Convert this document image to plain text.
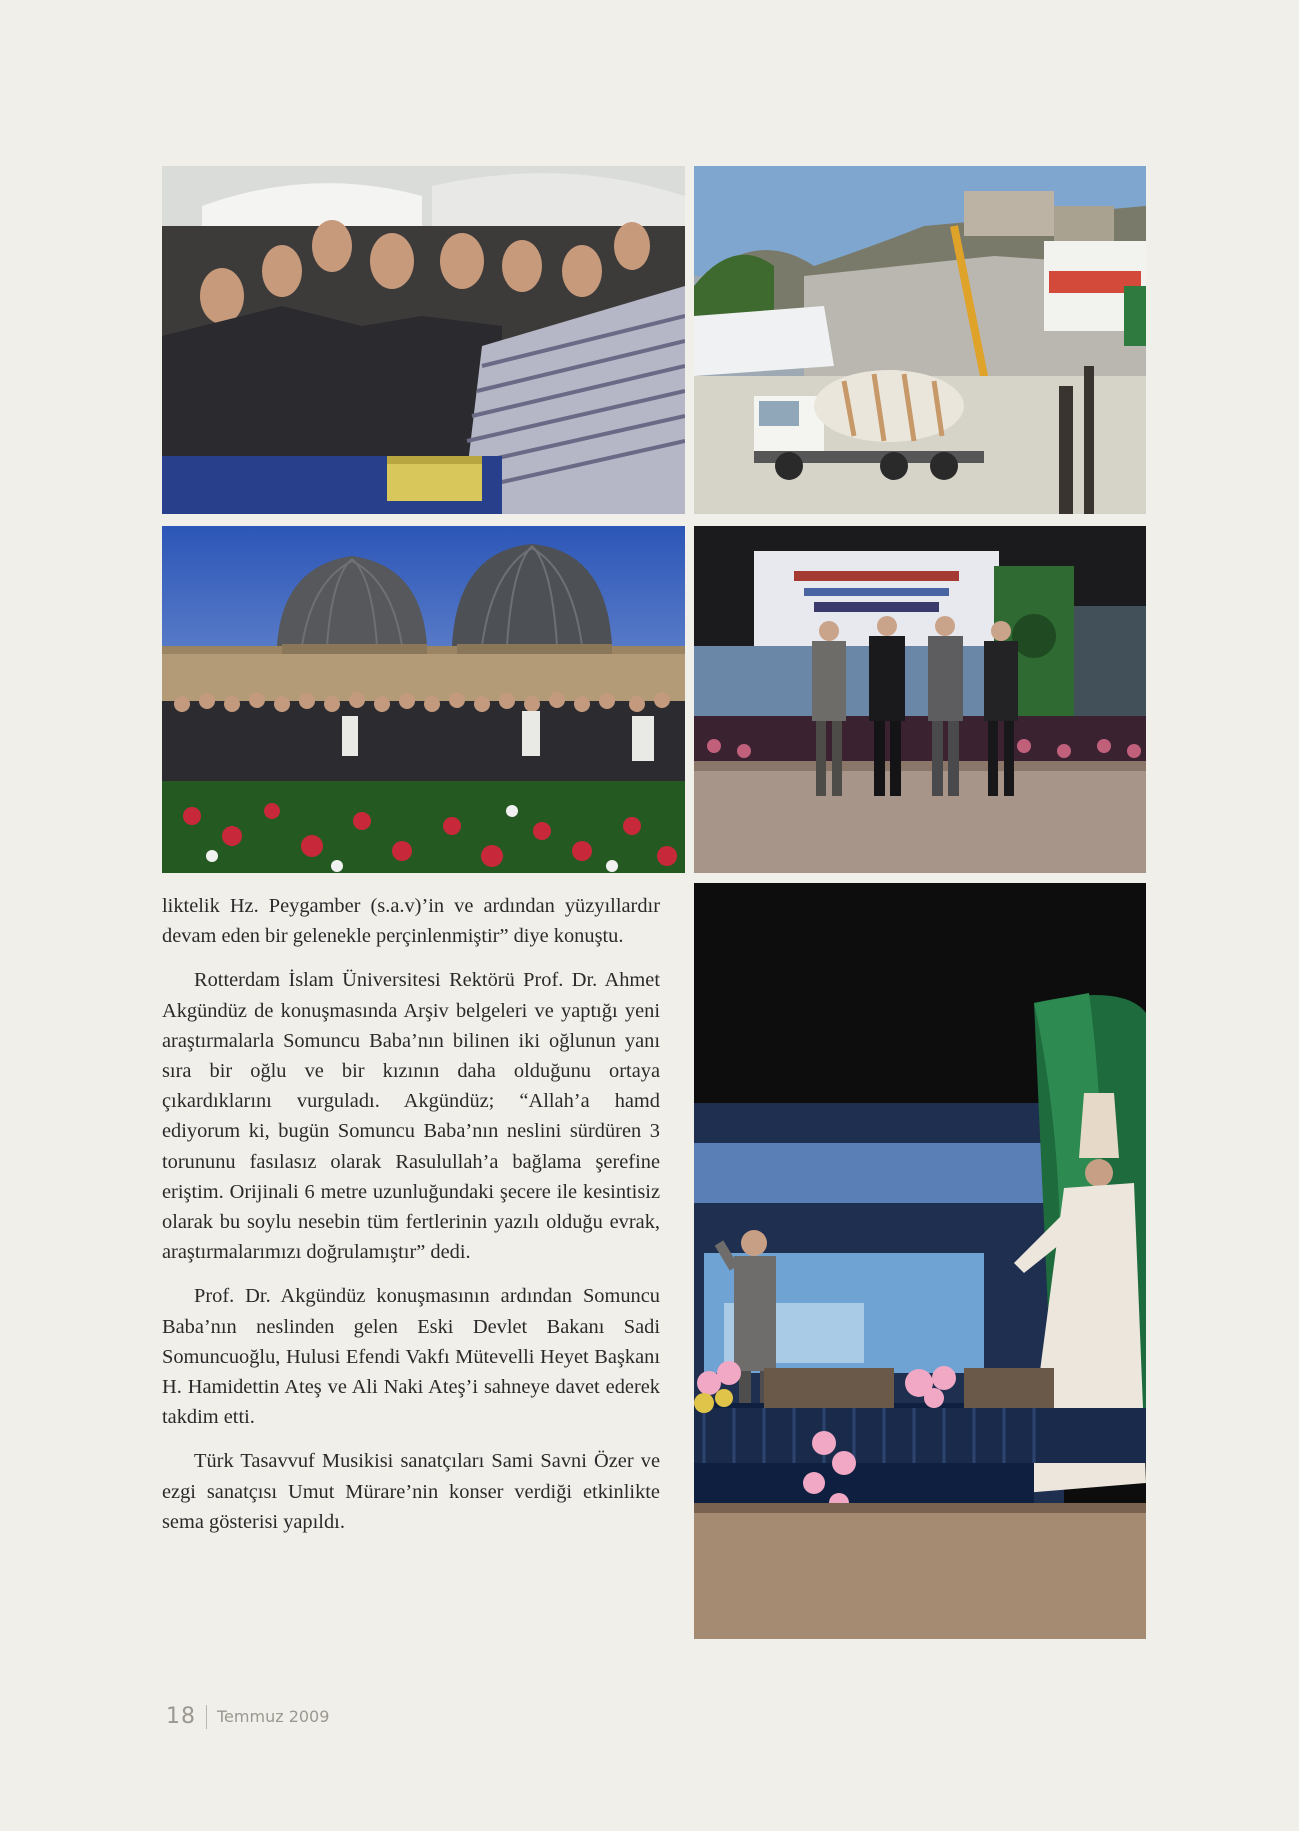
liktelik Hz. Peygamber (s.a.v)’in ve ardından yüzyıllardır devam eden bir gelenekle perçinlenmiştir” diye konuştu.

Rotterdam İslam Üniversitesi Rektörü Prof. Dr. Ahmet Akgündüz de konuşmasında Arşiv belgeleri ve yaptığı yeni araştırmalarla Somuncu Baba’nın bilinen iki oğlunun yanı sıra bir oğlu ve bir kızının daha olduğunu ortaya çıkardıklarını vurguladı. Akgündüz; “Allah’a hamd ediyorum ki, bugün Somuncu Baba’nın neslini sürdüren 3 torununu fasılasız olarak Rasulullah’a bağlama şerefine eriştim. Orijinali 6 metre uzunluğundaki şecere ile kesintisiz olarak bu soylu nesebin tüm fertlerinin yazılı olduğu evrak, araştırmalarımızı doğrulamıştır” dedi.

Prof. Dr. Akgündüz konuşmasının ardından Somuncu Baba’nın neslinden gelen Eski Devlet Bakanı Sadi Somuncuoğlu, Hulusi Efendi Vakfı Mütevelli Heyet Başkanı H. Hamidettin Ateş ve Ali Naki Ateş’i sahneye davet ederek takdim etti.

Türk Tasavvuf Musikisi sanatçıları Sami Savni Özer ve ezgi sanatçısı Umut Mürare’nin konser verdiği etkinlikte sema gösterisi yapıldı.

18 Temmuz 2009
